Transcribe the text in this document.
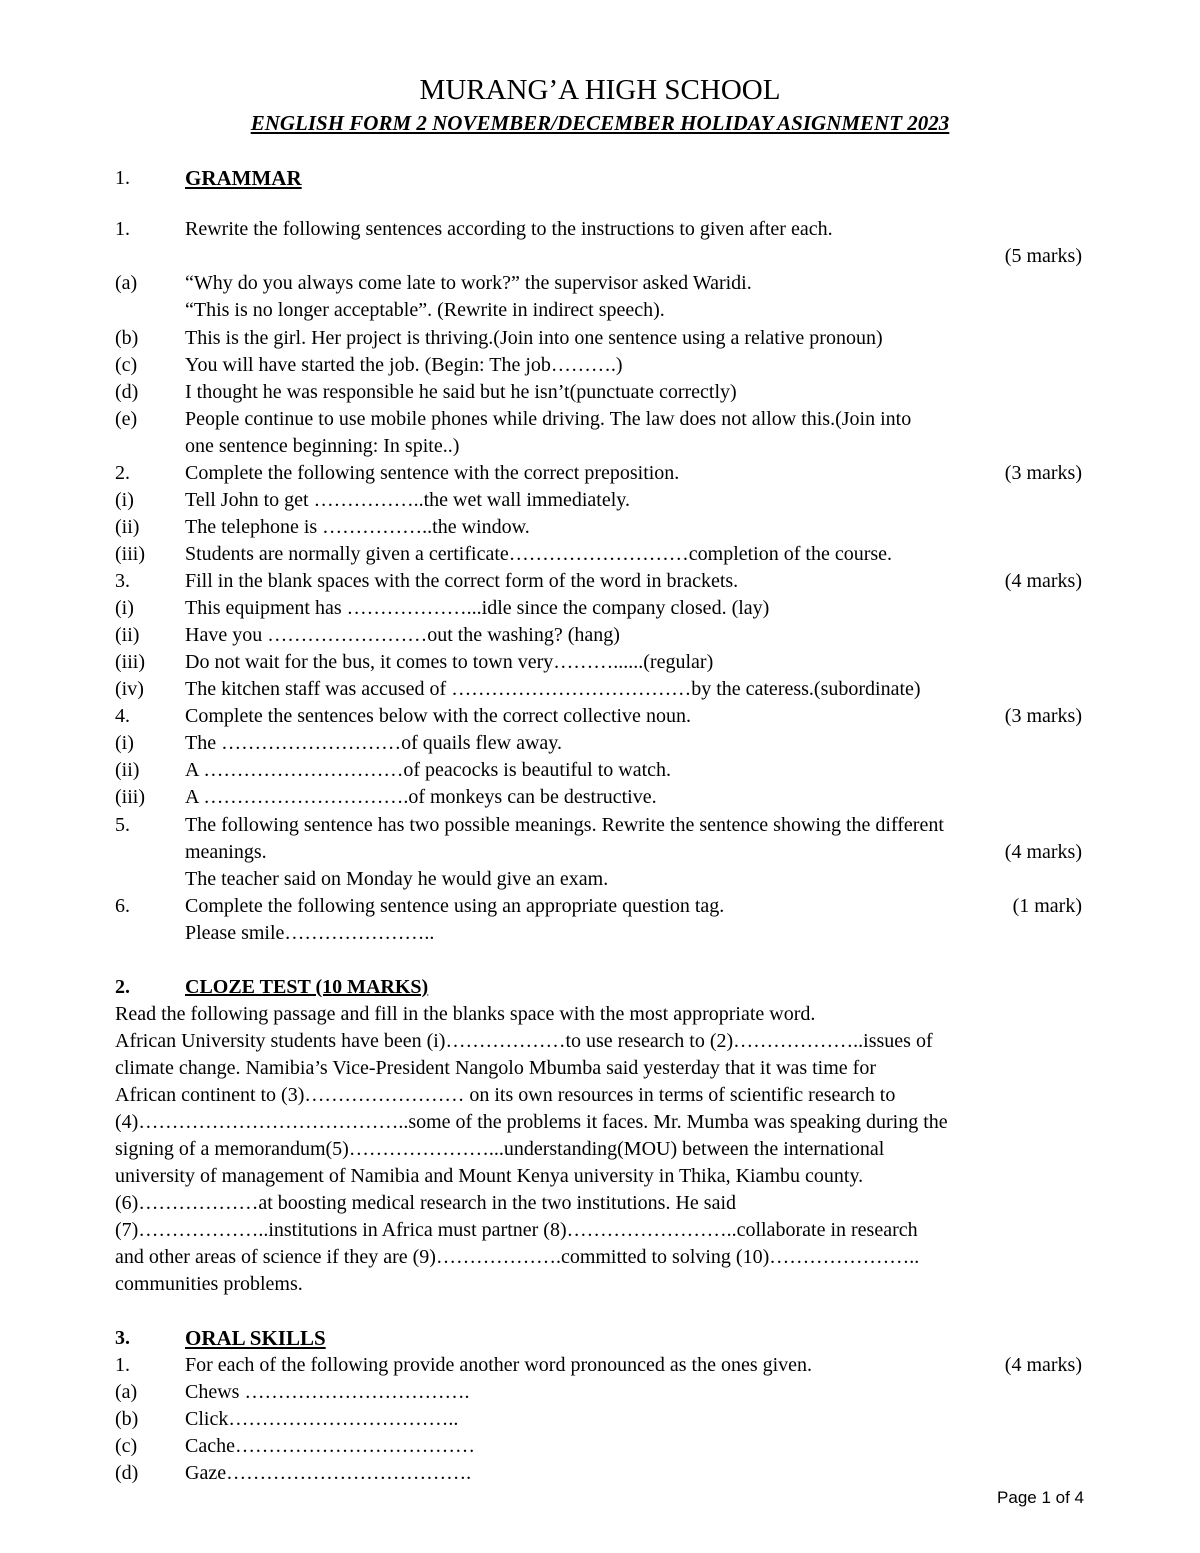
MURANG’A HIGH SCHOOL
ENGLISH FORM 2 NOVEMBER/DECEMBER HOLIDAY ASIGNMENT 2023
1.	GRAMMAR
1.	Rewrite the following sentences according to the instructions to given after each.
(5 marks)
(a) “Why do you always come late to work?” the supervisor asked Waridi.
“This is no longer acceptable”. (Rewrite in indirect speech).
(b) This is the girl. Her project is thriving.(Join into one sentence using a relative pronoun)
(c) You will have started the job. (Begin: The job……….)
(d) I thought he was responsible he said but he isn’t(punctuate correctly)
(e) People continue to use mobile phones while driving. The law does not allow this.(Join into
one sentence beginning: In spite..)
2.	Complete the following sentence with the correct preposition.	(3 marks)
(i)	Tell John to get ……………..the wet wall immediately.
(ii) The telephone is ……………..the window.
(iii) Students are normally given a certificate………………………completion of the course.
3.	Fill in the blank spaces with the correct form of the word in brackets.	(4 marks)
(i)	This equipment has ………………...idle since the company closed. (lay)
(ii) Have you ……………………out the washing? (hang)
(iii) Do not wait for the bus, it comes to town very………......(regular)
(iv) The kitchen staff was accused of ………………………………by the cateress.(subordinate)
4.	Complete the sentences below with the correct collective noun.	(3 marks)
(i)	The ………………………of quails flew away.
(ii) A …………………………of peacocks is beautiful to watch.
(iii) A ………………………….of monkeys can be destructive.
5.	The following sentence has two possible meanings. Rewrite the sentence showing the different
meanings.	(4 marks)
The teacher said on Monday he would give an exam.
6.	Complete the following sentence using an appropriate question tag.	(1 mark)
Please smile…………………..
2.	CLOZE TEST (10 MARKS)
Read the following passage and fill in the blanks space with the most appropriate word.
African University students have been (i)………………to use research to (2)………………..issues of
climate change. Namibia’s Vice-President Nangolo Mbumba said yesterday that it was time for
African continent to (3)…………………… on its own resources in terms of scientific research to
(4)…………………………………..some of the problems it faces. Mr. Mumba was speaking during the
signing of a memorandum(5)…………………...understanding(MOU) between the international
university of management of Namibia and Mount Kenya university in Thika, Kiambu county.
(6)………………at boosting medical research in the two institutions. He said
(7)………………..institutions in Africa must partner (8)……………………..collaborate in research
and other areas of science if they are (9)……………….committed to solving (10)…………………..
communities problems.
3.	ORAL SKILLS
1.	For each of the following provide another word pronounced as the ones given.	(4 marks)
(a) Chews …………………………….
(b) Click……………………………..
(c) Cache………………………………
(d) Gaze……………………………….
Page 1 of 4
